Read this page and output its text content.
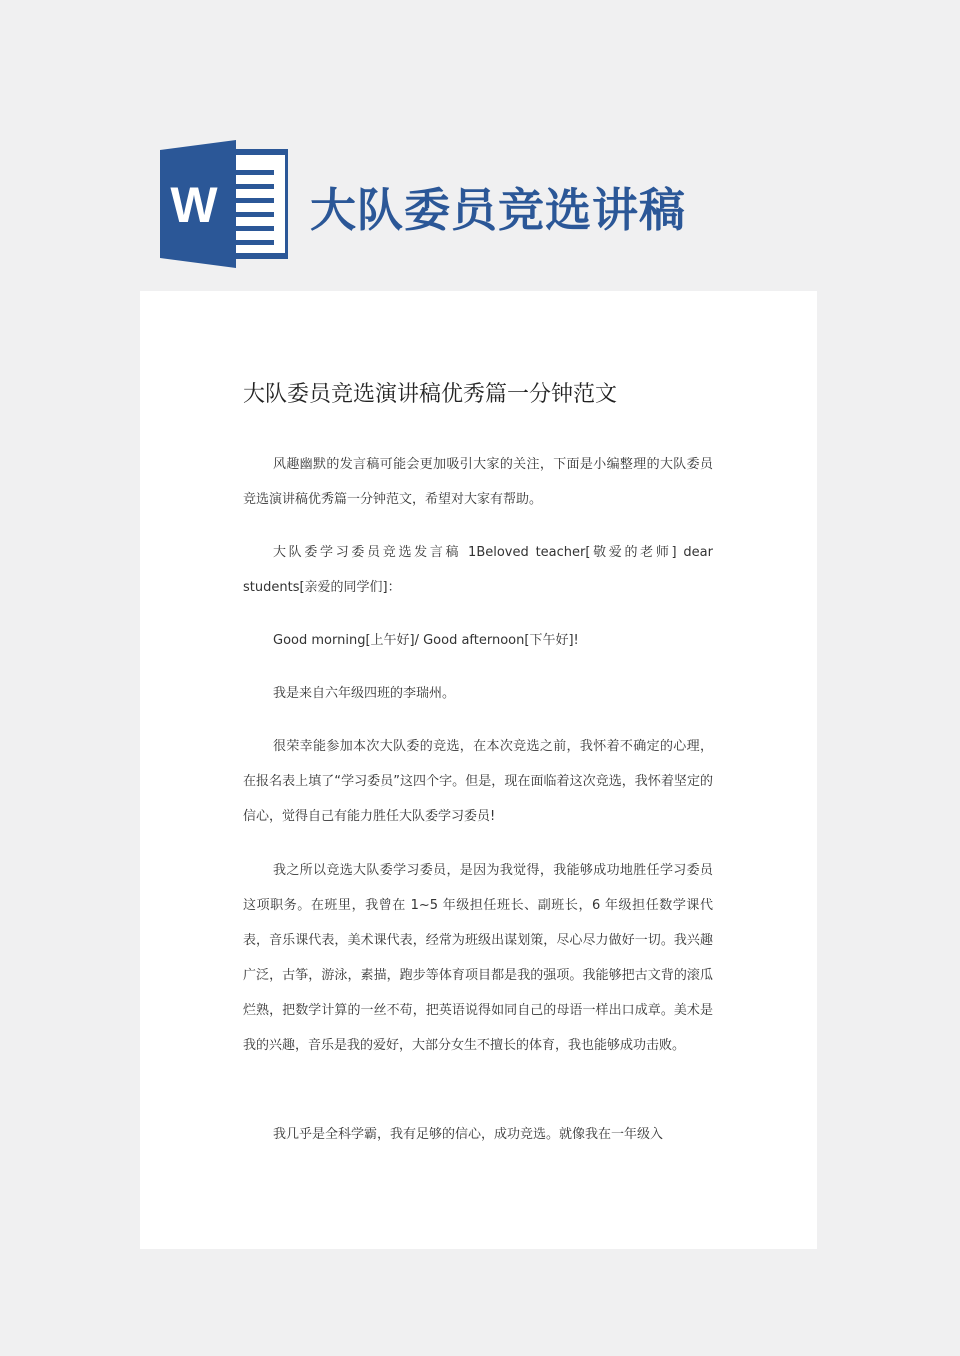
W 大队委员竞选讲稿
大队委员竞选演讲稿优秀篇一分钟范文

风趣幽默的发言稿可能会更加吸引大家的关注，下面是小编整理的大队委员竞选演讲稿优秀篇一分钟范文，希望对大家有帮助。

大队委学习委员竞选发言稿 1Beloved teacher[敬爱的老师] dear students[亲爱的同学们]：

Good morning[上午好]/ Good afternoon[下午好]!

我是来自六年级四班的李瑞州。

很荣幸能参加本次大队委的竞选，在本次竞选之前，我怀着不确定的心理，在报名表上填了“学习委员”这四个字。但是，现在面临着这次竞选，我怀着坚定的信心，觉得自己有能力胜任大队委学习委员!

我之所以竞选大队委学习委员，是因为我觉得，我能够成功地胜任学习委员这项职务。在班里，我曾在 1~5 年级担任班长、副班长，6 年级担任数学课代表，音乐课代表，美术课代表，经常为班级出谋划策，尽心尽力做好一切。我兴趣广泛，古筝，游泳，素描，跑步等体育项目都是我的强项。我能够把古文背的滚瓜烂熟，把数学计算的一丝不苟，把英语说得如同自己的母语一样出口成章。美术是我的兴趣，音乐是我的爱好，大部分女生不擅长的体育，我也能够成功击败。

我几乎是全科学霸，我有足够的信心，成功竞选。就像我在一年级入
